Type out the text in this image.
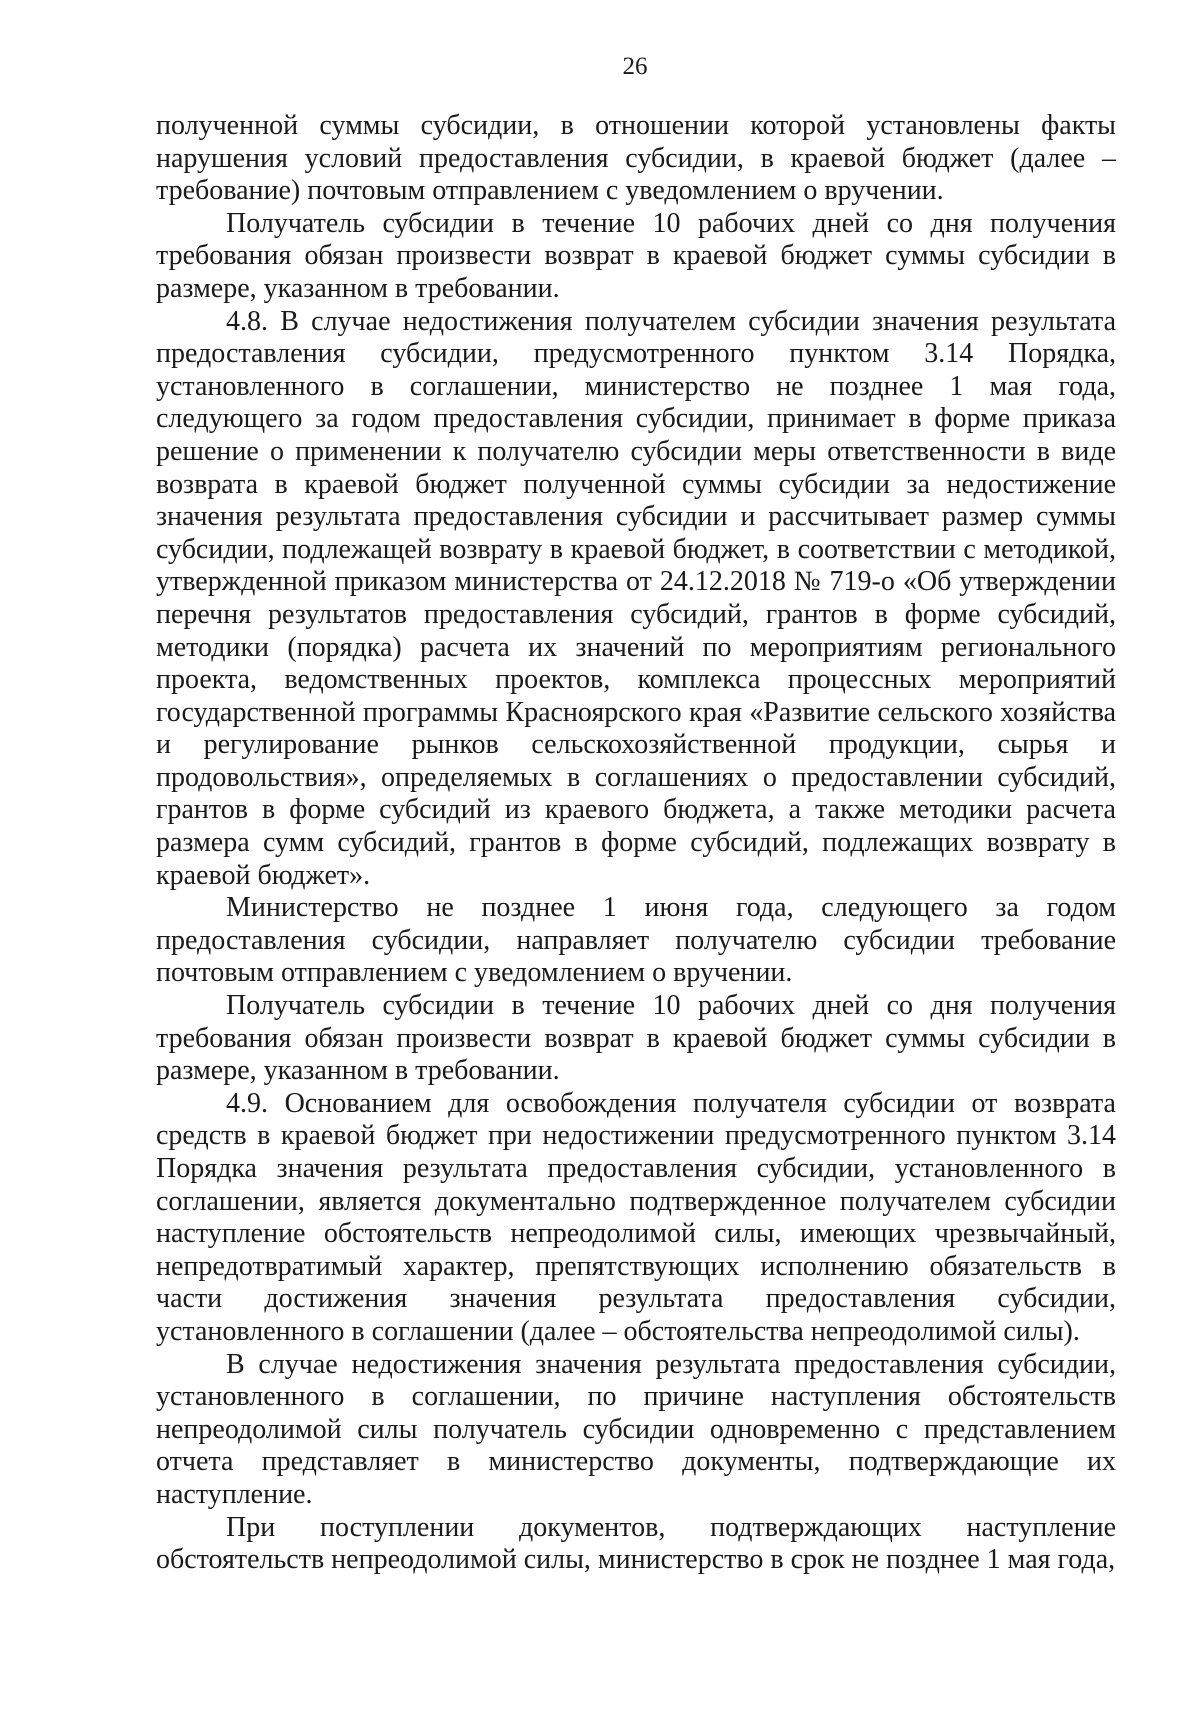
26

полученной суммы субсидии, в отношении которой установлены факты нарушения условий предоставления субсидии, в краевой бюджет (далее – требование) почтовым отправлением с уведомлением о вручении.

Получатель субсидии в течение 10 рабочих дней со дня получения требования обязан произвести возврат в краевой бюджет суммы субсидии в размере, указанном в требовании.

4.8. В случае недостижения получателем субсидии значения результата предоставления субсидии, предусмотренного пунктом 3.14 Порядка, установленного в соглашении, министерство не позднее 1 мая года, следующего за годом предоставления субсидии, принимает в форме приказа решение о применении к получателю субсидии меры ответственности в виде возврата в краевой бюджет полученной суммы субсидии за недостижение значения результата предоставления субсидии и рассчитывает размер суммы субсидии, подлежащей возврату в краевой бюджет, в соответствии с методикой, утвержденной приказом министерства от 24.12.2018 № 719-о «Об утверждении перечня результатов предоставления субсидий, грантов в форме субсидий, методики (порядка) расчета их значений по мероприятиям регионального проекта, ведомственных проектов, комплекса процессных мероприятий государственной программы Красноярского края «Развитие сельского хозяйства и регулирование рынков сельскохозяйственной продукции, сырья и продовольствия», определяемых в соглашениях о предоставлении субсидий, грантов в форме субсидий из краевого бюджета, а также методики расчета размера сумм субсидий, грантов в форме субсидий, подлежащих возврату в краевой бюджет».

Министерство не позднее 1 июня года, следующего за годом предоставления субсидии, направляет получателю субсидии требование почтовым отправлением с уведомлением о вручении.

Получатель субсидии в течение 10 рабочих дней со дня получения требования обязан произвести возврат в краевой бюджет суммы субсидии в размере, указанном в требовании.

4.9. Основанием для освобождения получателя субсидии от возврата средств в краевой бюджет при недостижении предусмотренного пунктом 3.14 Порядка значения результата предоставления субсидии, установленного в соглашении, является документально подтвержденное получателем субсидии наступление обстоятельств непреодолимой силы, имеющих чрезвычайный, непредотвратимый характер, препятствующих исполнению обязательств в части достижения значения результата предоставления субсидии, установленного в соглашении (далее – обстоятельства непреодолимой силы).

В случае недостижения значения результата предоставления субсидии, установленного в соглашении, по причине наступления обстоятельств непреодолимой силы получатель субсидии одновременно с представлением отчета представляет в министерство документы, подтверждающие их наступление.

При поступлении документов, подтверждающих наступление обстоятельств непреодолимой силы, министерство в срок не позднее 1 мая года,
